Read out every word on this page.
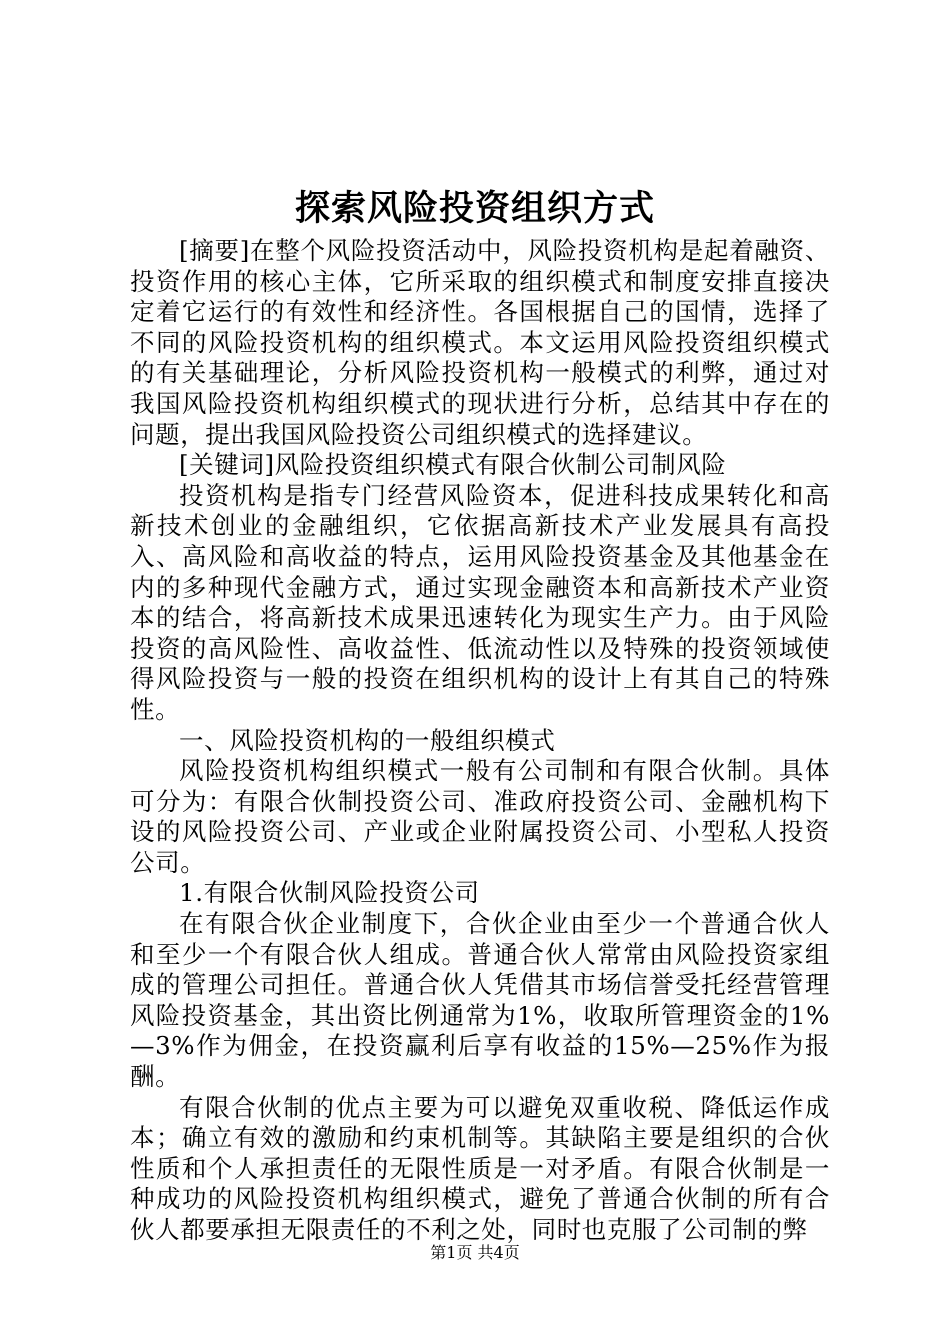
探索风险投资组织方式

[摘要]在整个风险投资活动中，风险投资机构是起着融资、投资作用的核心主体，它所采取的组织模式和制度安排直接决定着它运行的有效性和经济性。各国根据自己的国情，选择了不同的风险投资机构的组织模式。本文运用风险投资组织模式的有关基础理论，分析风险投资机构一般模式的利弊，通过对我国风险投资机构组织模式的现状进行分析，总结其中存在的问题，提出我国风险投资公司组织模式的选择建议。

[关键词]风险投资组织模式有限合伙制公司制风险

投资机构是指专门经营风险资本，促进科技成果转化和高新技术创业的金融组织，它依据高新技术产业发展具有高投入、高风险和高收益的特点，运用风险投资基金及其他基金在内的多种现代金融方式，通过实现金融资本和高新技术产业资本的结合，将高新技术成果迅速转化为现实生产力。由于风险投资的高风险性、高收益性、低流动性以及特殊的投资领域使得风险投资与一般的投资在组织机构的设计上有其自己的特殊性。

一、风险投资机构的一般组织模式

风险投资机构组织模式一般有公司制和有限合伙制。具体可分为：有限合伙制投资公司、准政府投资公司、金融机构下设的风险投资公司、产业或企业附属投资公司、小型私人投资公司。

1.有限合伙制风险投资公司

在有限合伙企业制度下，合伙企业由至少一个普通合伙人和至少一个有限合伙人组成。普通合伙人常常由风险投资家组成的管理公司担任。普通合伙人凭借其市场信誉受托经营管理风险投资基金，其出资比例通常为1%，收取所管理资金的1%—3%作为佣金，在投资赢利后享有收益的15%—25%作为报酬。

有限合伙制的优点主要为可以避免双重收税、降低运作成本；确立有效的激励和约束机制等。其缺陷主要是组织的合伙性质和个人承担责任的无限性质是一对矛盾。有限合伙制是一种成功的风险投资机构组织模式，避免了普通合伙制的所有合伙人都要承担无限责任的不利之处，同时也克服了公司制的弊

第1页 共4页
